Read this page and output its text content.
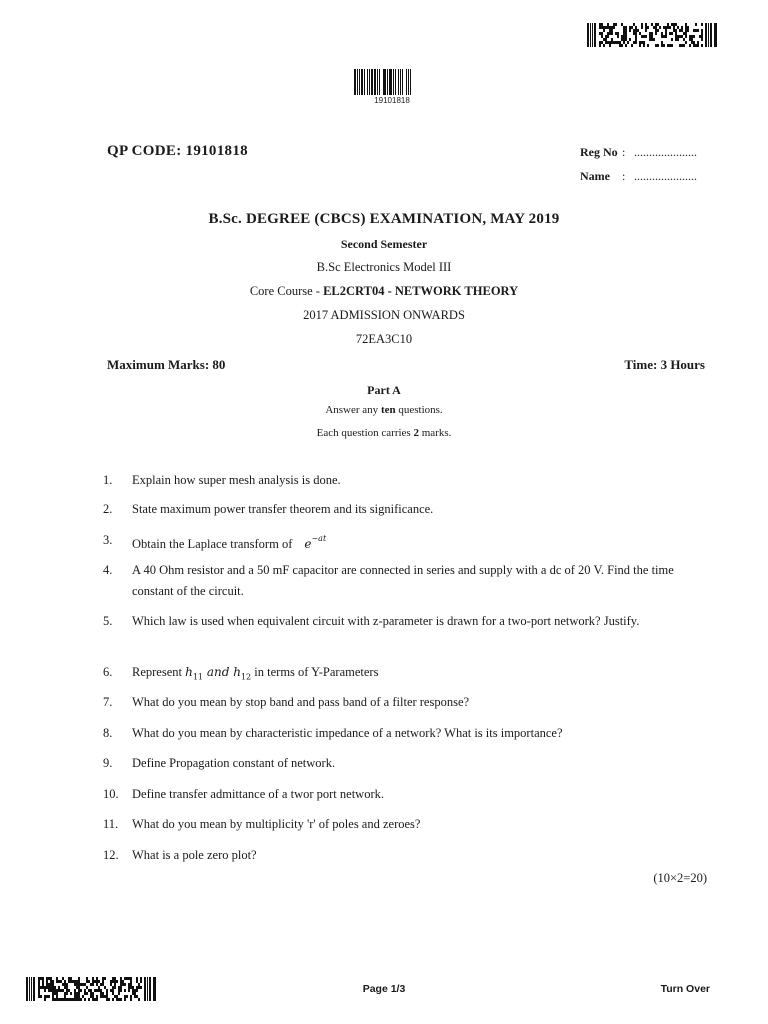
19101818
QP CODE: 19101818	Reg No : .....................
Name	: .....................
B.Sc. DEGREE (CBCS) EXAMINATION, MAY 2019
Second Semester
B.Sc Electronics Model III
Core Course - EL2CRT04 - NETWORK THEORY
2017 ADMISSION ONWARDS
72EA3C10
Maximum Marks: 80	Time: 3 Hours
Part A
Answer any ten questions.
Each question carries 2 marks.
1.	Explain how super mesh analysis is done.
2.	State maximum power transfer theorem and its significance.
3.	Obtain the Laplace transform of $e^{-at}$
4.	A 40 Ohm resistor and a 50 mF capacitor are connected in series and supply with a dc of 20 V. Find the time constant of the circuit.
5.	Which law is used when equivalent circuit with z-parameter is drawn for a two-port network? Justify.
6.	Represent $h_{11}$ and $h_{12}$ in terms of Y-Parameters
7.	What do you mean by stop band and pass band of a filter response?
8.	What do you mean by characteristic impedance of a network? What is its importance?
9.	Define Propagation constant of network.
10.	Define transfer admittance of a twor port network.
11.	What do you mean by multiplicity 'r' of poles and zeroes?
12.	What is a pole zero plot?
(10×2=20)
Page 1/3	Turn Over
